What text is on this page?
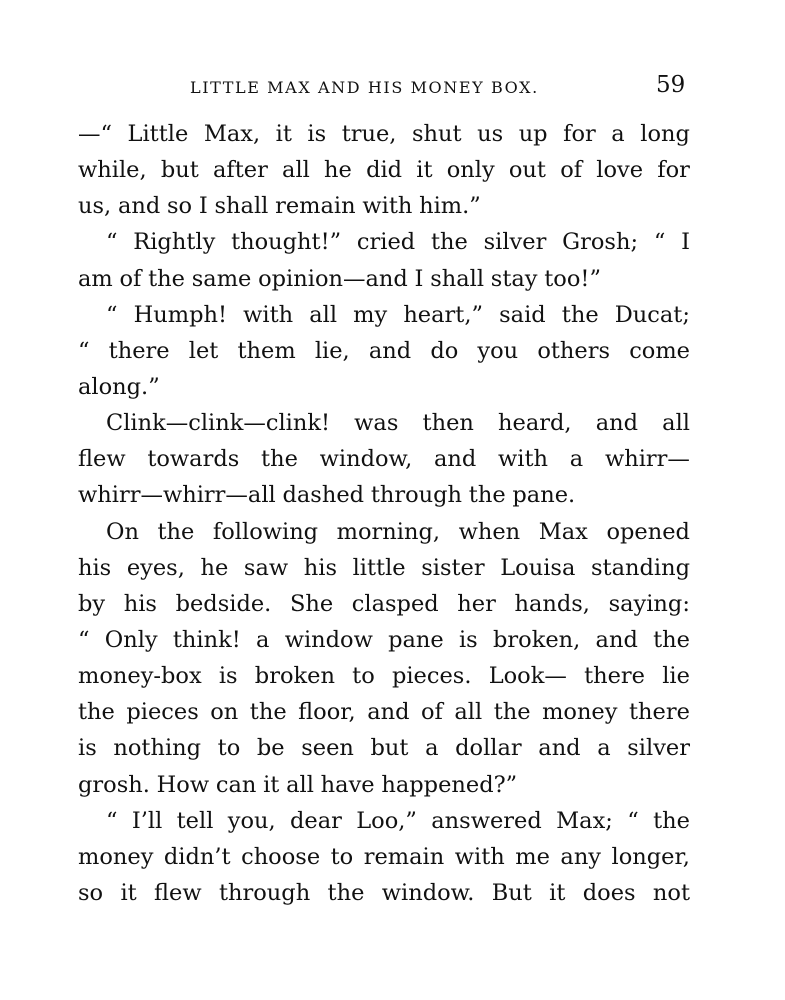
LITTLE MAX AND HIS MONEY BOX.	59
—“ Little Max, it is true, shut us up for a long
while, but after all he did it only out of love for
us, and so I shall remain with him.”
“ Rightly thought!” cried the silver Grosh; “ I
am of the same opinion—and I shall stay too!”
“ Humph! with all my heart,” said the Ducat;
“ there let them lie, and do you others come
along.”
Clink—clink—clink! was then heard, and all
flew towards the window, and with a whirr—
whirr—whirr—all dashed through the pane.
On the following morning, when Max opened
his eyes, he saw his little sister Louisa standing
by his bedside. She clasped her hands, saying:
“ Only think! a window pane is broken, and the
money-box is broken to pieces. Look— there lie
the pieces on the floor, and of all the money there
is nothing to be seen but a dollar and a silver
grosh. How can it all have happened?”
“ I’ll tell you, dear Loo,” answered Max; “ the
money didn’t choose to remain with me any longer,
so it flew through the window. But it does not
